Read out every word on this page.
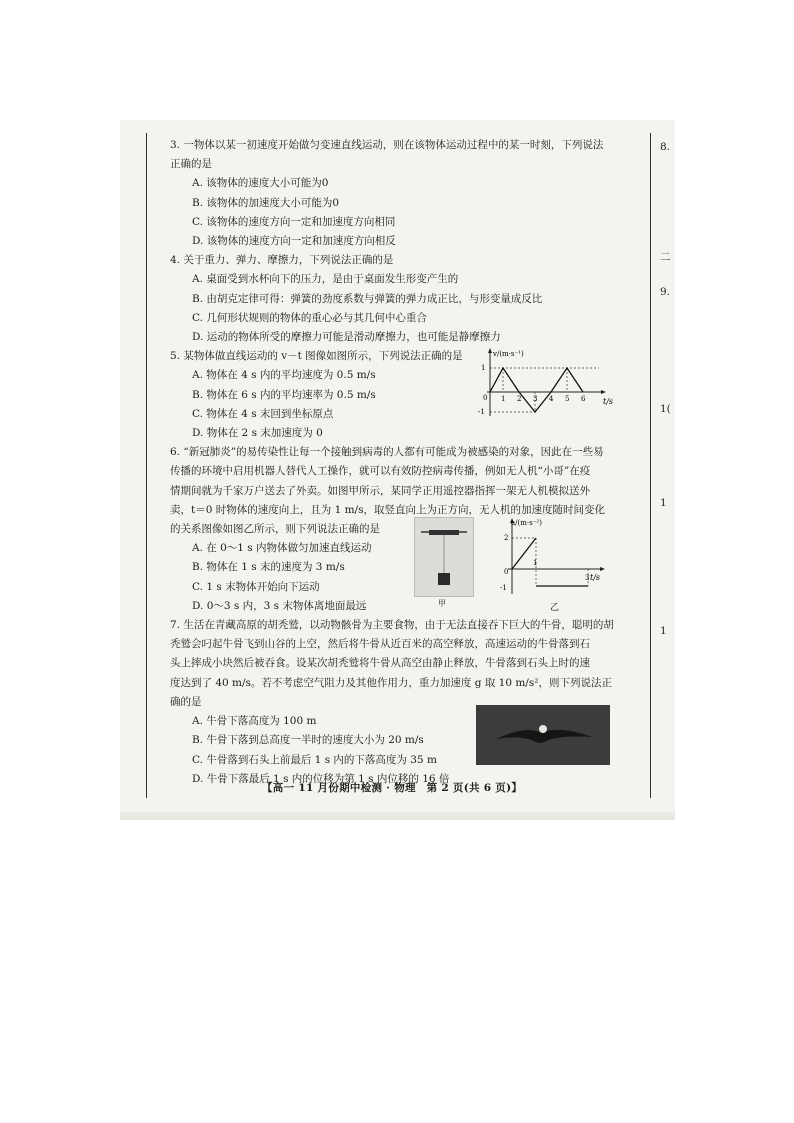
3. 一物体以某一初速度开始做匀变速直线运动，则在该物体运动过程中的某一时刻，下列说法
正确的是
A. 该物体的速度大小可能为0
B. 该物体的加速度大小可能为0
C. 该物体的速度方向一定和加速度方向相同
D. 该物体的速度方向一定和加速度方向相反
4. 关于重力、弹力、摩擦力，下列说法正确的是
A. 桌面受到水杯向下的压力，是由于桌面发生形变产生的
B. 由胡克定律可得：弹簧的劲度系数与弹簧的弹力成正比，与形变量成反比
C. 几何形状规则的物体的重心必与其几何中心重合
D. 运动的物体所受的摩擦力可能是滑动摩擦力，也可能是静摩擦力
5. 某物体做直线运动的 v－t 图像如图所示，下列说法正确的是
A. 物体在 4 s 内的平均速度为 0.5 m/s
B. 物体在 6 s 内的平均速率为 0.5 m/s
C. 物体在 4 s 末回到坐标原点
D. 物体在 2 s 末加速度为 0
6. “新冠肺炎”的易传染性让每一个接触到病毒的人都有可能成为被感染的对象，因此在一些易
传播的环境中启用机器人替代人工操作，就可以有效防控病毒传播，例如无人机“小哥”在疫
情期间就为千家万户送去了外卖。如图甲所示，某同学正用遥控器指挥一架无人机模拟送外
卖，t＝0 时物体的速度向上，且为 1 m/s，取竖直向上为正方向，无人机的加速度随时间变化
的关系图像如图乙所示，则下列说法正确的是
A. 在 0～1 s 内物体做匀加速直线运动
B. 物体在 1 s 末的速度为 3 m/s
C. 1 s 末物体开始向下运动
D. 0～3 s 内，3 s 末物体离地面最远
7. 生活在青藏高原的胡秃鹫，以动物骸骨为主要食物，由于无法直接吞下巨大的牛骨，聪明的胡
秃鹫会叼起牛骨飞到山谷的上空，然后将牛骨从近百米的高空释放，高速运动的牛骨落到石
头上摔成小块然后被吞食。设某次胡秃鹫将牛骨从高空由静止释放，牛骨落到石头上时的速
度达到了 40 m/s。若不考虑空气阻力及其他作用力，重力加速度 g 取 10 m/s²，则下列说法正
确的是
A. 牛骨下落高度为 100 m
B. 牛骨下落到总高度一半时的速度大小为 20 m/s
C. 牛骨落到石头上前最后 1 s 内的下落高度为 35 m
D. 牛骨下落最后 1 s 内的位移为第 1 s 内位移的 16 倍
v/(m·s⁻¹)
t/s
1
-1
0 1 2 3 4 5 6
甲
a/(m·s⁻²)
t/s
2
-1
0
1
3
乙
8.
二
9.
1(
1
1
【高一 11 月份期中检测 · 物理　第 2 页(共 6 页)】
